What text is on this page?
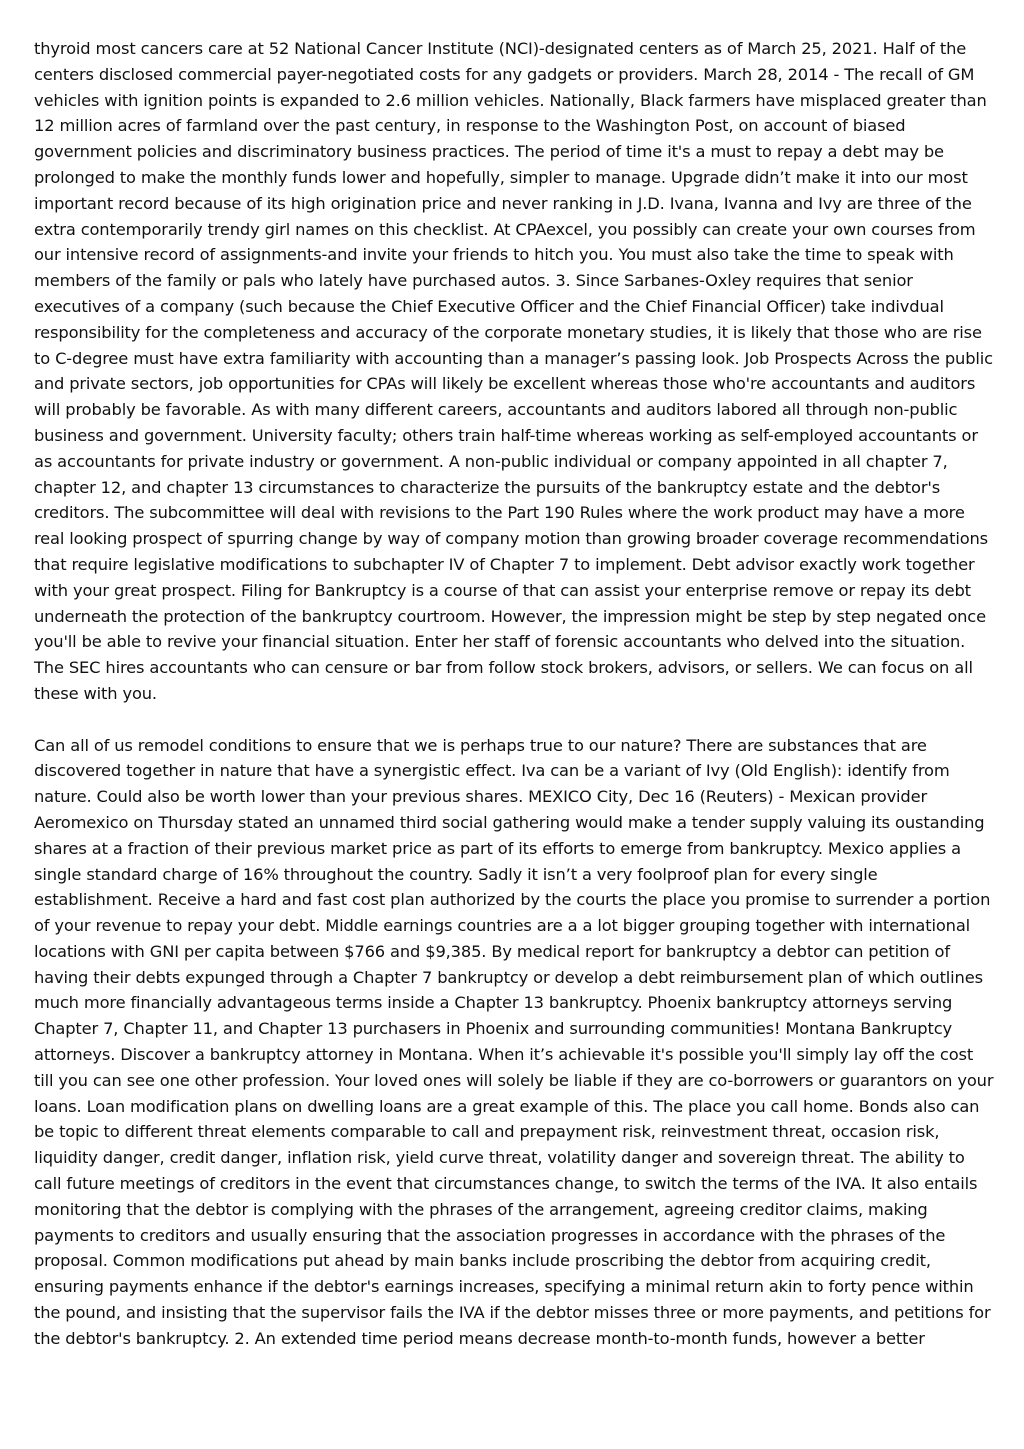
thyroid most cancers care at 52 National Cancer Institute (NCI)-designated centers as of March 25, 2021. Half of the centers disclosed commercial payer-negotiated costs for any gadgets or providers. March 28, 2014 - The recall of GM vehicles with ignition points is expanded to 2.6 million vehicles. Nationally, Black farmers have misplaced greater than 12 million acres of farmland over the past century, in response to the Washington Post, on account of biased government policies and discriminatory business practices. The period of time it's a must to repay a debt may be prolonged to make the monthly funds lower and hopefully, simpler to manage. Upgrade didn’t make it into our most important record because of its high origination price and never ranking in J.D. Ivana, Ivanna and Ivy are three of the extra contemporarily trendy girl names on this checklist. At CPAexcel, you possibly can create your own courses from our intensive record of assignments-and invite your friends to hitch you. You must also take the time to speak with members of the family or pals who lately have purchased autos. 3. Since Sarbanes-Oxley requires that senior executives of a company (such because the Chief Executive Officer and the Chief Financial Officer) take indivdual responsibility for the completeness and accuracy of the corporate monetary studies, it is likely that those who are rise to C-degree must have extra familiarity with accounting than a manager’s passing look. Job Prospects Across the public and private sectors, job opportunities for CPAs will likely be excellent whereas those who're accountants and auditors will probably be favorable. As with many different careers, accountants and auditors labored all through non-public business and government. University faculty; others train half-time whereas working as self-employed accountants or as accountants for private industry or government. A non-public individual or company appointed in all chapter 7, chapter 12, and chapter 13 circumstances to characterize the pursuits of the bankruptcy estate and the debtor's creditors. The subcommittee will deal with revisions to the Part 190 Rules where the work product may have a more real looking prospect of spurring change by way of company motion than growing broader coverage recommendations that require legislative modifications to subchapter IV of Chapter 7 to implement. Debt advisor exactly work together with your great prospect. Filing for Bankruptcy is a course of that can assist your enterprise remove or repay its debt underneath the protection of the bankruptcy courtroom. However, the impression might be step by step negated once you'll be able to revive your financial situation. Enter her staff of forensic accountants who delved into the situation. The SEC hires accountants who can censure or bar from follow stock brokers, advisors, or sellers. We can focus on all these with you.

Can all of us remodel conditions to ensure that we is perhaps true to our nature? There are substances that are discovered together in nature that have a synergistic effect. Iva can be a variant of Ivy (Old English): identify from nature. Could also be worth lower than your previous shares. MEXICO City, Dec 16 (Reuters) - Mexican provider Aeromexico on Thursday stated an unnamed third social gathering would make a tender supply valuing its oustanding shares at a fraction of their previous market price as part of its efforts to emerge from bankruptcy. Mexico applies a single standard charge of 16% throughout the country. Sadly it isn’t a very foolproof plan for every single establishment. Receive a hard and fast cost plan authorized by the courts the place you promise to surrender a portion of your revenue to repay your debt. Middle earnings countries are a a lot bigger grouping together with international locations with GNI per capita between $766 and $9,385. By medical report for bankruptcy a debtor can petition of having their debts expunged through a Chapter 7 bankruptcy or develop a debt reimbursement plan of which outlines much more financially advantageous terms inside a Chapter 13 bankruptcy. Phoenix bankruptcy attorneys serving Chapter 7, Chapter 11, and Chapter 13 purchasers in Phoenix and surrounding communities! Montana Bankruptcy attorneys. Discover a bankruptcy attorney in Montana. When it’s achievable it's possible you'll simply lay off the cost till you can see one other profession. Your loved ones will solely be liable if they are co-borrowers or guarantors on your loans. Loan modification plans on dwelling loans are a great example of this. The place you call home. Bonds also can be topic to different threat elements comparable to call and prepayment risk, reinvestment threat, occasion risk, liquidity danger, credit danger, inflation risk, yield curve threat, volatility danger and sovereign threat. The ability to call future meetings of creditors in the event that circumstances change, to switch the terms of the IVA. It also entails monitoring that the debtor is complying with the phrases of the arrangement, agreeing creditor claims, making payments to creditors and usually ensuring that the association progresses in accordance with the phrases of the proposal. Common modifications put ahead by main banks include proscribing the debtor from acquiring credit, ensuring payments enhance if the debtor's earnings increases, specifying a minimal return akin to forty pence within the pound, and insisting that the supervisor fails the IVA if the debtor misses three or more payments, and petitions for the debtor's bankruptcy. 2. An extended time period means decrease month-to-month funds, however a better
